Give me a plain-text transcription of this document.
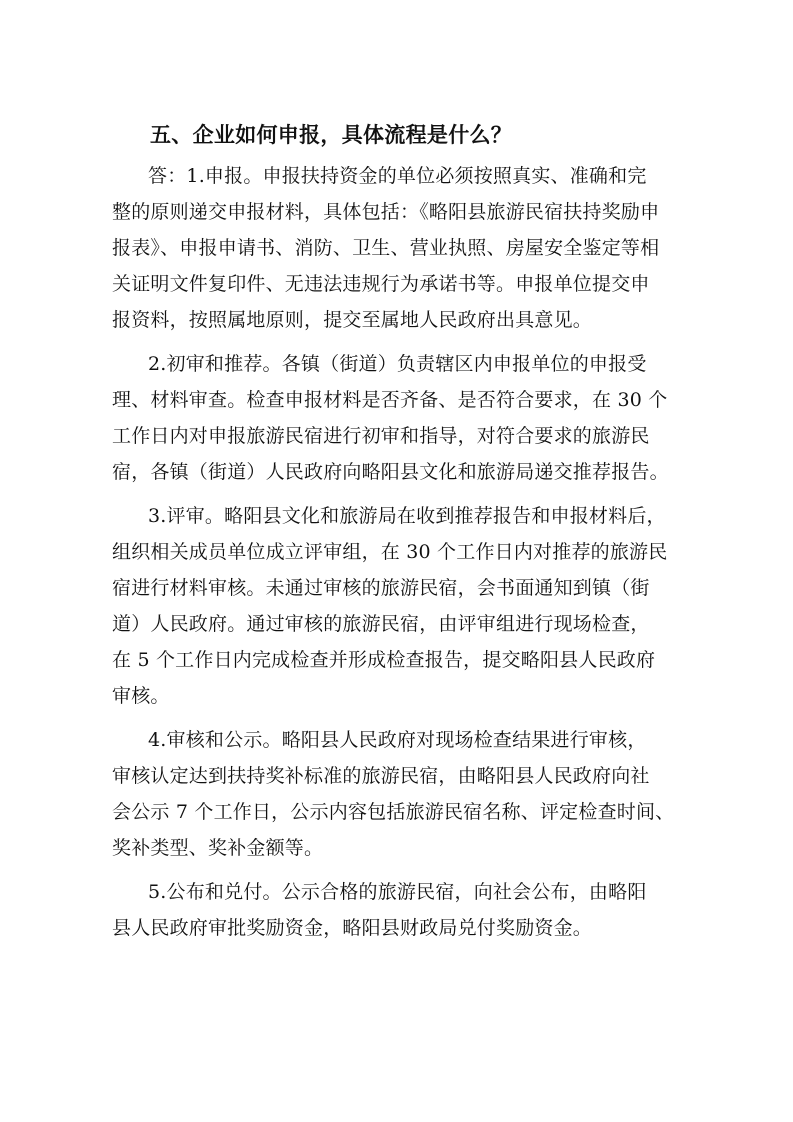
五、企业如何申报，具体流程是什么？

答：1.申报。申报扶持资金的单位必须按照真实、准确和完
整的原则递交申报材料，具体包括：《略阳县旅游民宿扶持奖励申
报表》、申报申请书、消防、卫生、营业执照、房屋安全鉴定等相
关证明文件复印件、无违法违规行为承诺书等。申报单位提交申
报资料，按照属地原则，提交至属地人民政府出具意见。

2.初审和推荐。各镇（街道）负责辖区内申报单位的申报受
理、材料审查。检查申报材料是否齐备、是否符合要求，在 30 个
工作日内对申报旅游民宿进行初审和指导，对符合要求的旅游民
宿，各镇（街道）人民政府向略阳县文化和旅游局递交推荐报告。

3.评审。略阳县文化和旅游局在收到推荐报告和申报材料后，
组织相关成员单位成立评审组，在 30 个工作日内对推荐的旅游民
宿进行材料审核。未通过审核的旅游民宿，会书面通知到镇（街
道）人民政府。通过审核的旅游民宿，由评审组进行现场检查，
在 5 个工作日内完成检查并形成检查报告，提交略阳县人民政府
审核。

4.审核和公示。略阳县人民政府对现场检查结果进行审核，
审核认定达到扶持奖补标准的旅游民宿，由略阳县人民政府向社
会公示 7 个工作日，公示内容包括旅游民宿名称、评定检查时间、
奖补类型、奖补金额等。

5.公布和兑付。公示合格的旅游民宿，向社会公布，由略阳
县人民政府审批奖励资金，略阳县财政局兑付奖励资金。
